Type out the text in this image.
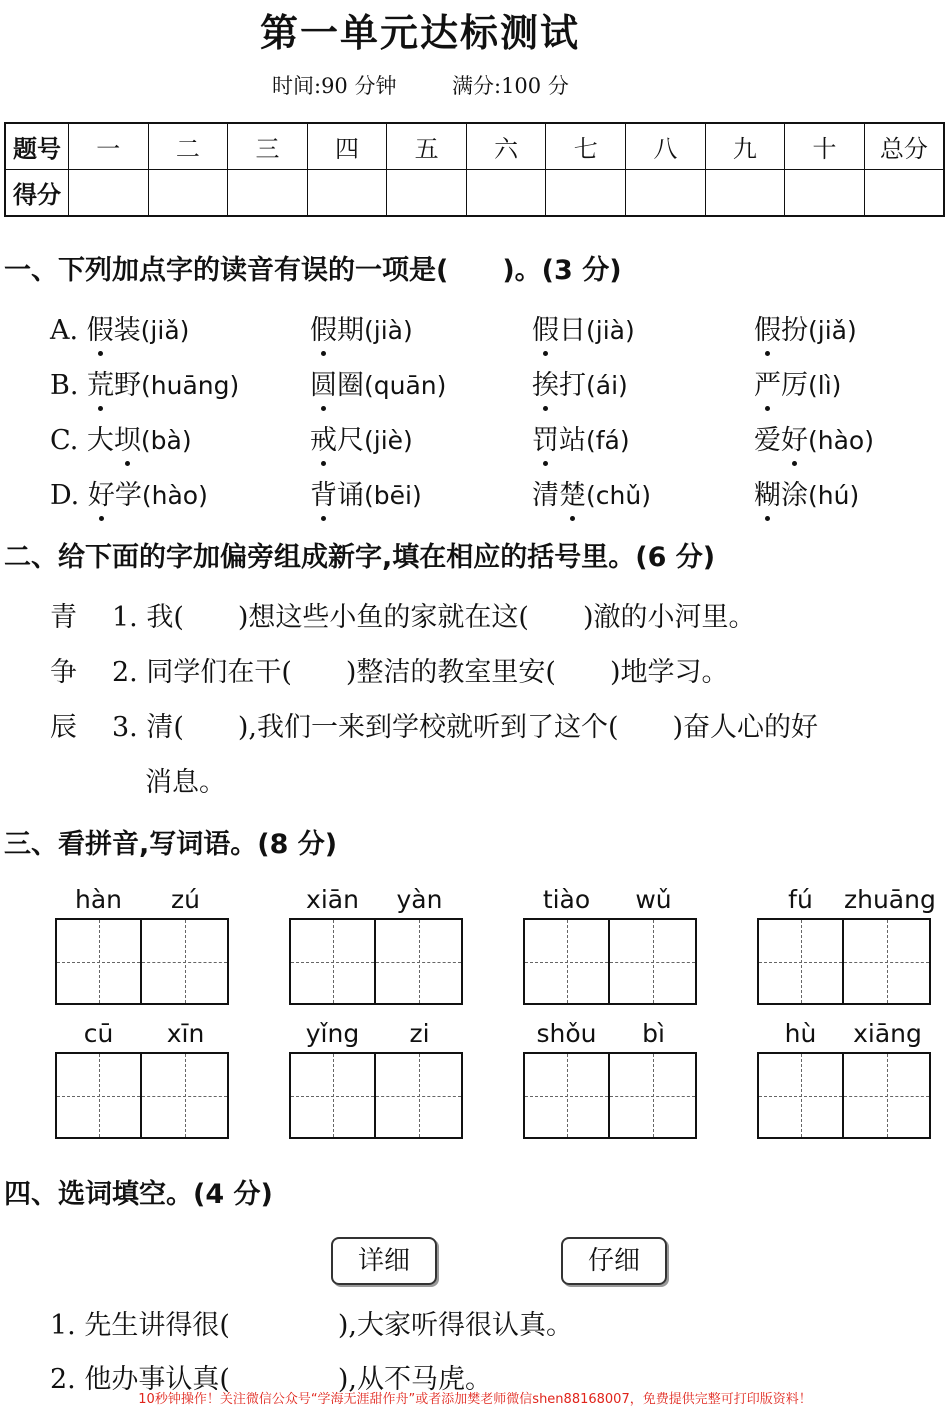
第一单元达标测试
时间:90 分钟	满分:100 分
题号	一	二	三	四	五	六	七	八	九	十	总分
得分											
一、下列加点字的读音有误的一项是(　　)。(3 分)
A. 假装(jiǎ)	假期(jià)	假日(jià)	假扮(jiǎ)
B. 荒野(huāng)	圆圈(quān)	挨打(ái)	严厉(lì)
C. 大坝(bà)	戒尺(jiè)	罚站(fá)	爱好(hào)
D. 好学(hào)	背诵(bēi)	清楚(chǔ)	糊涂(hú)
二、给下面的字加偏旁组成新字,填在相应的括号里。(6 分)
青 1. 我(　　)想这些小鱼的家就在这(　　)澈的小河里。
争 2. 同学们在干(　　)整洁的教室里安(　　)地学习。
辰 3. 清(　　),我们一来到学校就听到了这个(　　)奋人心的好
消息。
三、看拼音,写词语。(8 分)
hàn	zú	xiān	yàn	tiào	wǔ	fú	zhuāng
cū	xīn	yǐng	zi	shǒu	bì	hù	xiāng
四、选词填空。(4 分)
详细	仔细
1. 先生讲得很(　　　　),大家听得很认真。
2. 他办事认真(　　　　),从不马虎。
10秒钟操作！关注微信公众号“学海无涯甜作舟”或者添加樊老师微信shen88168007，免费提供完整可打印版资料！
